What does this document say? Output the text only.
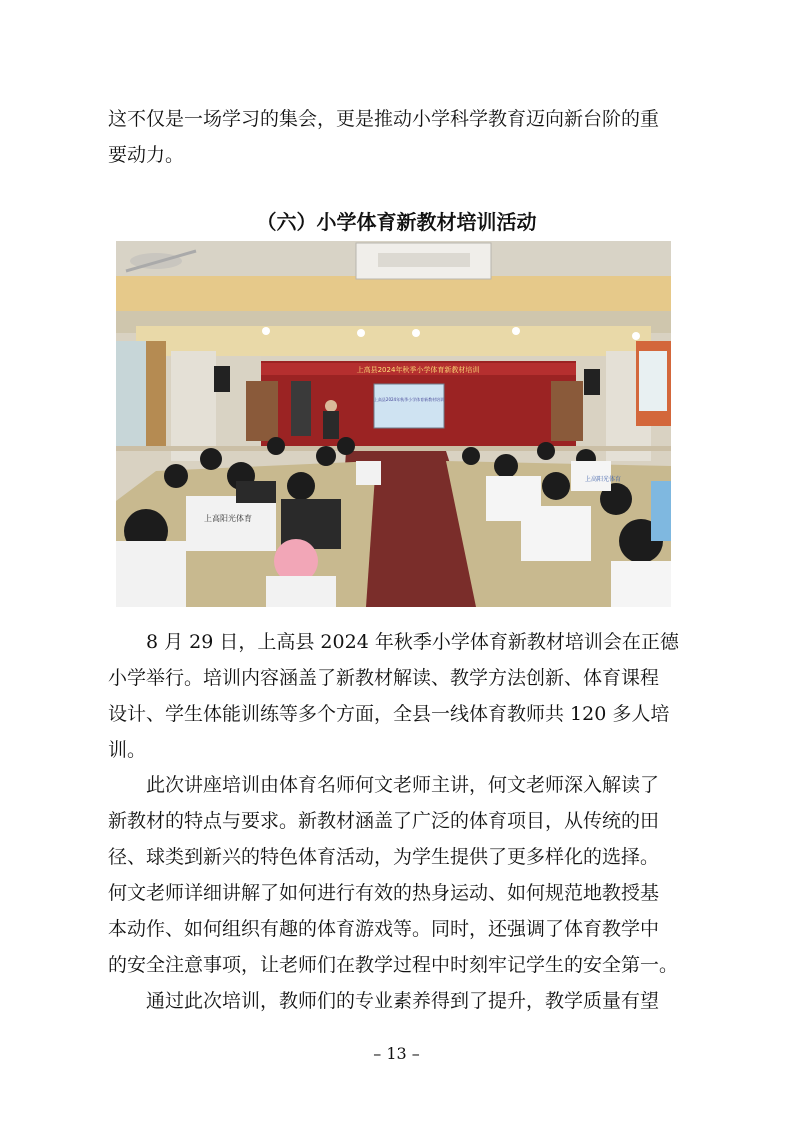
这不仅是一场学习的集会，更是推动小学科学教育迈向新台阶的重
要动力。

（六）小学体育新教材培训活动
上高县2024年秋季小学体育新教材培训
上高县2024年秋季小学体育新教材培训
上高阳光体育
上高阳光体育

8 月 29 日，上高县 2024 年秋季小学体育新教材培训会在正德
小学举行。培训内容涵盖了新教材解读、教学方法创新、体育课程
设计、学生体能训练等多个方面，全县一线体育教师共 120 多人培
训。

此次讲座培训由体育名师何文老师主讲，何文老师深入解读了
新教材的特点与要求。新教材涵盖了广泛的体育项目，从传统的田
径、球类到新兴的特色体育活动，为学生提供了更多样化的选择。
何文老师详细讲解了如何进行有效的热身运动、如何规范地教授基
本动作、如何组织有趣的体育游戏等。同时，还强调了体育教学中
的安全注意事项，让老师们在教学过程中时刻牢记学生的安全第一。

通过此次培训，教师们的专业素养得到了提升，教学质量有望

– 13 –
